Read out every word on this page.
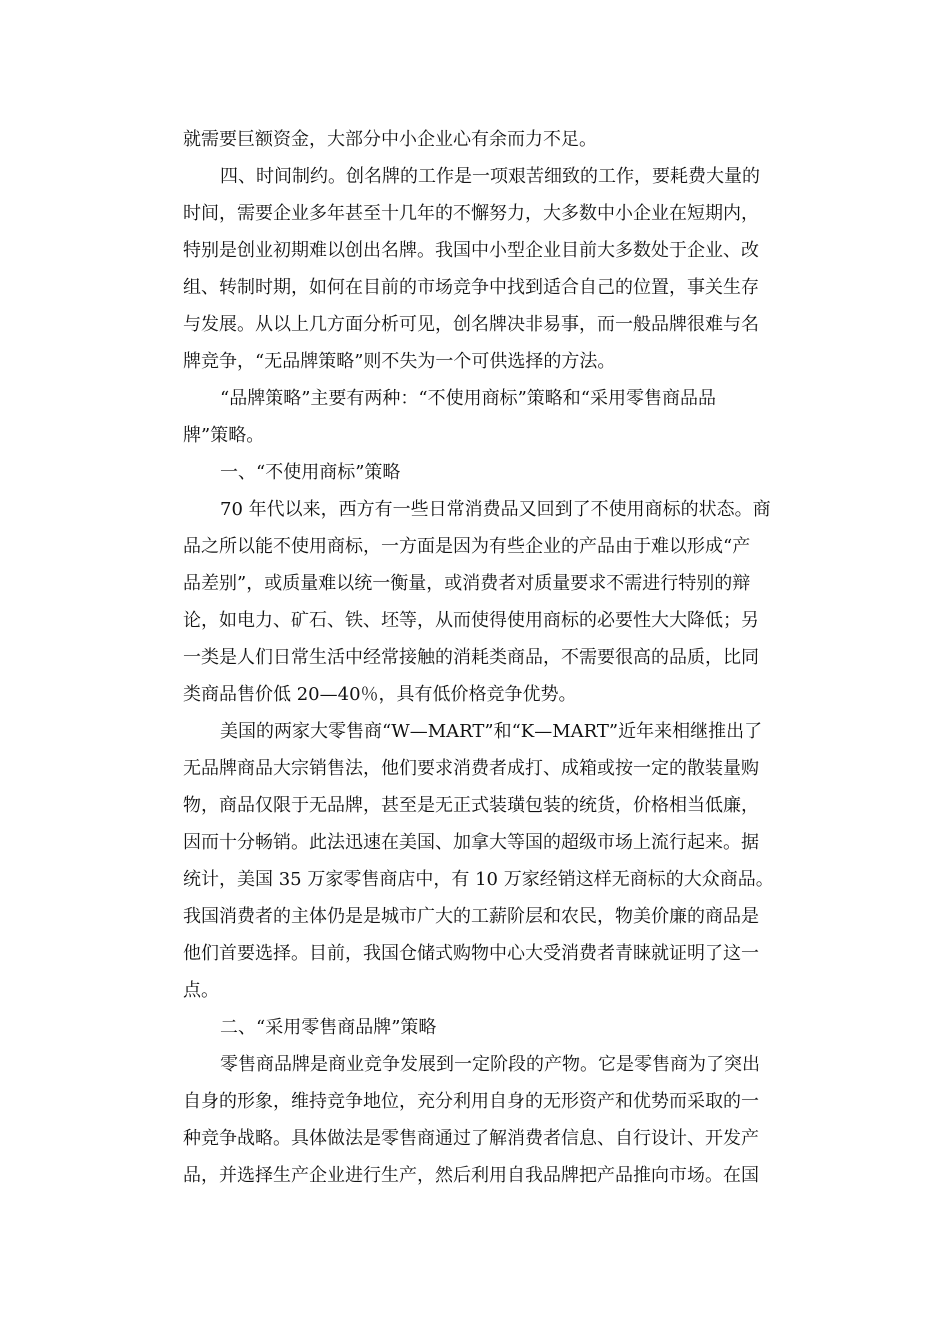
就需要巨额资金，大部分中小企业心有余而力不足。
四、时间制约。创名牌的工作是一项艰苦细致的工作，要耗费大量的
时间，需要企业多年甚至十几年的不懈努力，大多数中小企业在短期内，
特别是创业初期难以创出名牌。我国中小型企业目前大多数处于企业、改
组、转制时期，如何在目前的市场竞争中找到适合自己的位置，事关生存
与发展。从以上几方面分析可见，创名牌决非易事，而一般品牌很难与名
牌竞争，“无品牌策略”则不失为一个可供选择的方法。
“品牌策略”主要有两种：“不使用商标”策略和“采用零售商品品
牌”策略。
一、“不使用商标”策略
70 年代以来，西方有一些日常消费品又回到了不使用商标的状态。商
品之所以能不使用商标，一方面是因为有些企业的产品由于难以形成“产
品差别”，或质量难以统一衡量，或消费者对质量要求不需进行特别的辩
论，如电力、矿石、铁、坯等，从而使得使用商标的必要性大大降低；另
一类是人们日常生活中经常接触的消耗类商品，不需要很高的品质，比同
类商品售价低 20—40％，具有低价格竞争优势。
美国的两家大零售商“W—MART”和“K—MART”近年来相继推出了
无品牌商品大宗销售法，他们要求消费者成打、成箱或按一定的散装量购
物，商品仅限于无品牌，甚至是无正式装璜包装的统货，价格相当低廉，
因而十分畅销。此法迅速在美国、加拿大等国的超级市场上流行起来。据
统计，美国 35 万家零售商店中，有 10 万家经销这样无商标的大众商品。
我国消费者的主体仍是是城市广大的工薪阶层和农民，物美价廉的商品是
他们首要选择。目前，我国仓储式购物中心大受消费者青睐就证明了这一
点。
二、“采用零售商品牌”策略
零售商品牌是商业竞争发展到一定阶段的产物。它是零售商为了突出
自身的形象，维持竞争地位，充分利用自身的无形资产和优势而采取的一
种竞争战略。具体做法是零售商通过了解消费者信息、自行设计、开发产
品，并选择生产企业进行生产，然后利用自我品牌把产品推向市场。在国
